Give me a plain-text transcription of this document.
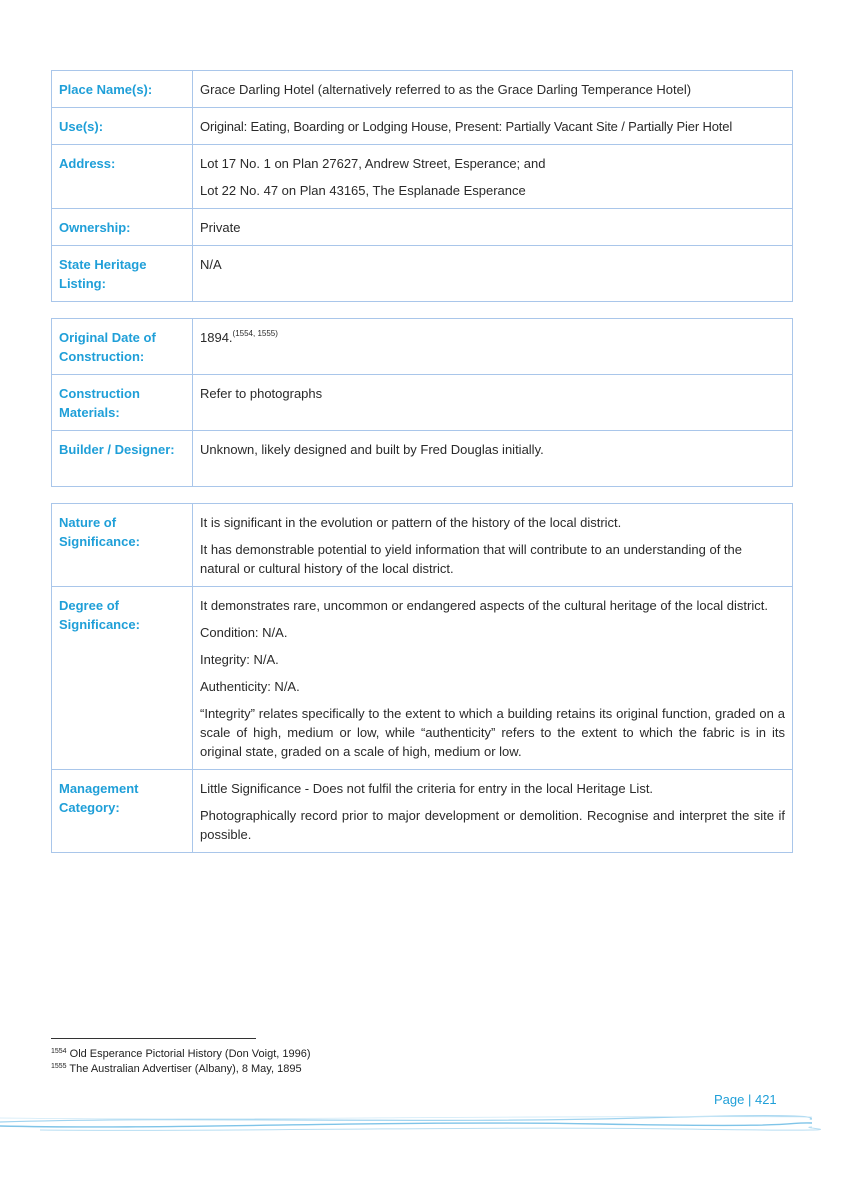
Place Name(s):	Grace Darling Hotel (alternatively referred to as the Grace Darling Temperance Hotel)
Use(s):	Original: Eating, Boarding or Lodging House, Present: Partially Vacant Site / Partially Pier Hotel
Address:	Lot 17 No. 1 on Plan 27627, Andrew Street, Esperance; and

Lot 22 No. 47 on Plan 43165, The Esplanade Esperance

Ownership:	Private
State Heritage Listing:	N/A
Original Date of Construction:	1894.$^{(1554, 1555)}$
Construction Materials:	Refer to photographs
Builder / Designer:	Unknown, likely designed and built by Fred Douglas initially.
Nature of Significance:	It is significant in the evolution or pattern of the history of the local district.

It has demonstrable potential to yield information that will contribute to an understanding of the natural or cultural history of the local district.

Degree of Significance:	It demonstrates rare, uncommon or endangered aspects of the cultural heritage of the local district.

Condition: N/A.

Integrity: N/A.

Authenticity: N/A.

“Integrity” relates specifically to the extent to which a building retains its original function, graded on a scale of high, medium or low, while “authenticity” refers to the extent to which the fabric is in its original state, graded on a scale of high, medium or low.

Management Category:	Little Significance - Does not fulfil the criteria for entry in the local Heritage List.

Photographically record prior to major development or demolition. Recognise and interpret the site if possible.

$^{1554}$ Old Esperance Pictorial History (Don Voigt, 1996)
$^{1555}$ The Australian Advertiser (Albany), 8 May, 1895
Page | 421
